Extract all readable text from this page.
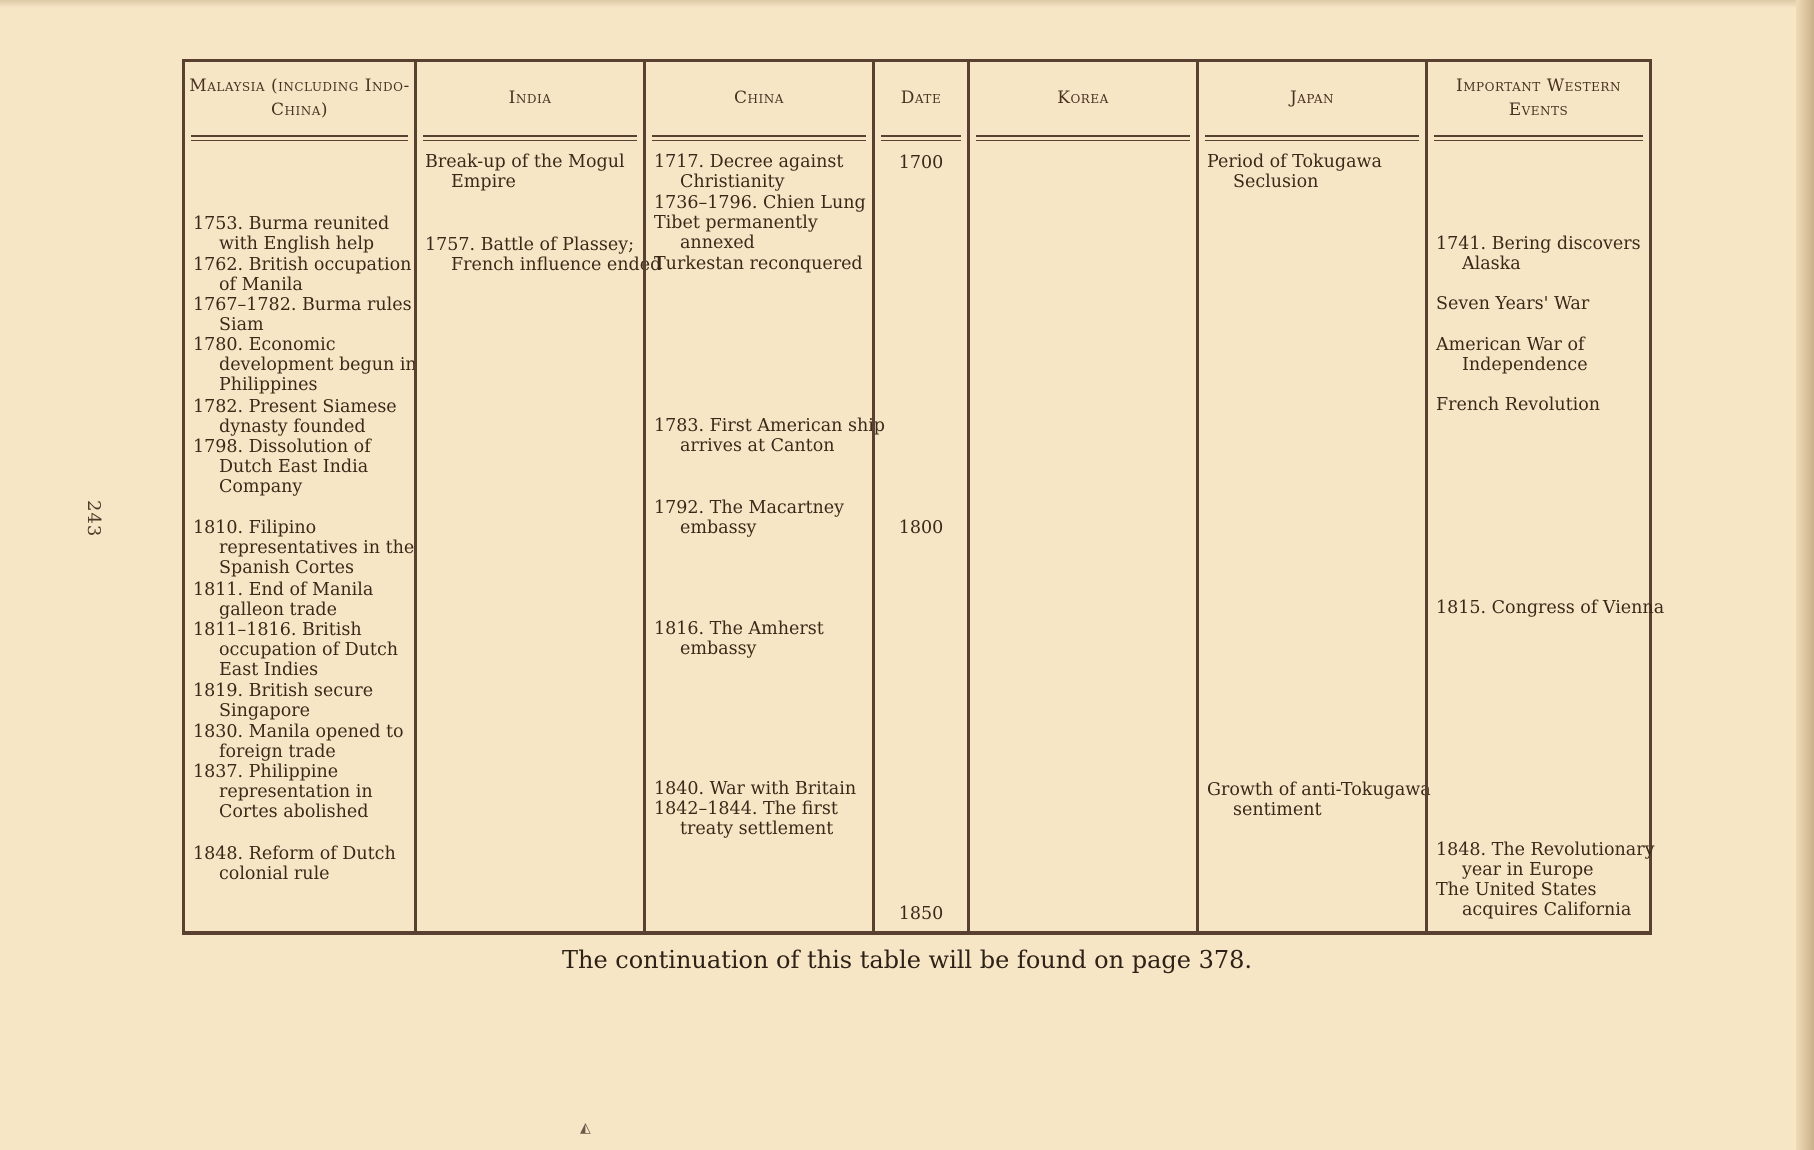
243
Malaysia (including Indo-China)
1753. Burma reunited with English help
1762. British occupation of Manila
1767–1782. Burma rules Siam
1780. Economic development begun in Philippines
1782. Present Siamese dynasty founded
1798. Dissolution of Dutch East India Company
1810. Filipino representatives in the Spanish Cortes
1811. End of Manila galleon trade
1811–1816. British occupation of Dutch East Indies
1819. British secure Singapore
1830. Manila opened to foreign trade
1837. Philippine representation in Cortes abolished
1848. Reform of Dutch colonial rule
India
Break-up of the Mogul Empire
1757. Battle of Plassey; French influence ended
China
1717. Decree against Christianity
1736–1796. Chien Lung
Tibet permanently annexed
Turkestan reconquered
1783. First American ship arrives at Canton
1792. The Macartney embassy
1816. The Amherst embassy
1840. War with Britain
1842–1844. The first treaty settlement
Date
1700
1800
1850
Korea	Japan
Period of Tokugawa Seclusion
Growth of anti-Tokugawa sentiment
Important Western Events
1741. Bering discovers Alaska
Seven Years' War
American War of Independence
French Revolution
1815. Congress of Vienna
1848. The Revolutionary year in Europe
The United States acquires California
The continuation of this table will be found on page 378.
◭
